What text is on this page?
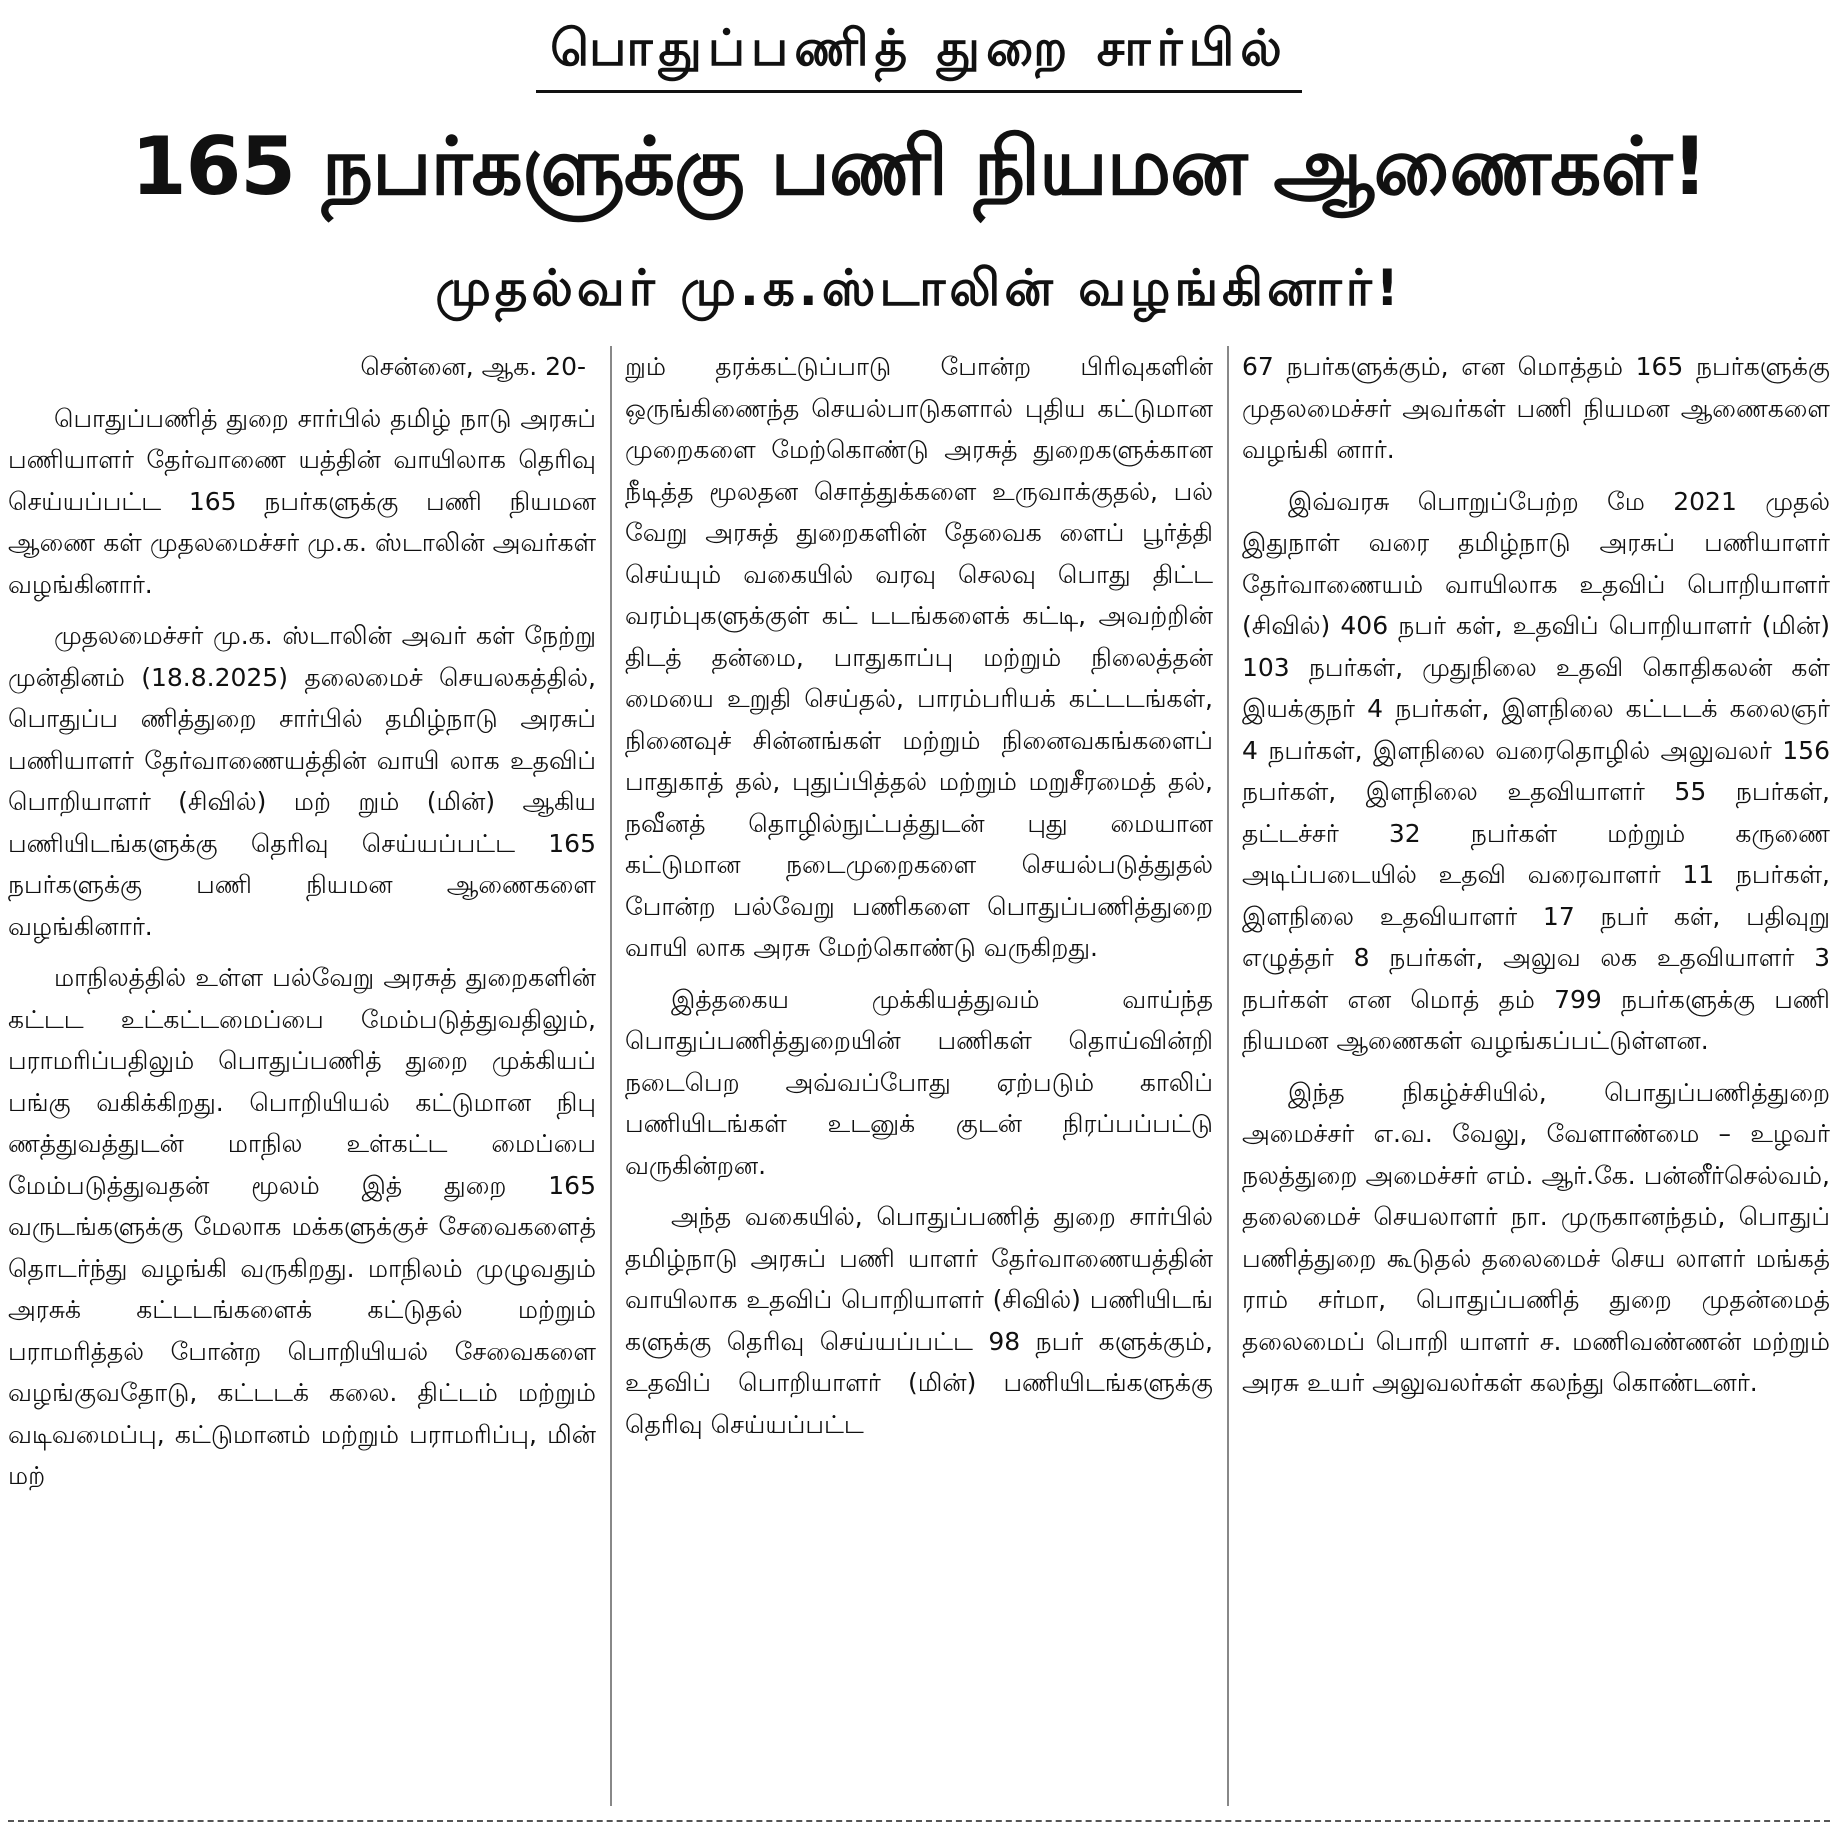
பொதுப்பணித் துறை சார்பில்
165 நபர்களுக்கு பணி நியமன ஆணைகள்!
முதல்வர் மு.க.ஸ்டாலின் வழங்கினார்!

சென்னை, ஆக. 20-

பொதுப்பணித் துறை சார்பில் தமிழ் நாடு அரசுப் பணியாளர் தேர்வாணை யத்தின் வாயிலாக தெரிவு செய்யப்பட்ட 165 நபர்களுக்கு பணி நியமன ஆணை கள் முதலமைச்சர் மு.க. ஸ்டாலின் அவர்கள் வழங்கினார்.

முதலமைச்சர் மு.க. ஸ்டாலின் அவர் கள் நேற்று முன்தினம் (18.8.2025) தலைமைச் செயலகத்தில், பொதுப்ப ணித்துறை சார்பில் தமிழ்நாடு அரசுப் பணியாளர் தேர்வாணையத்தின் வாயி லாக உதவிப் பொறியாளர் (சிவில்) மற் றும் (மின்) ஆகிய பணியிடங்களுக்கு தெரிவு செய்யப்பட்ட 165 நபர்களுக்கு பணி நியமன ஆணைகளை வழங்கினார்.

மாநிலத்தில் உள்ள பல்வேறு அரசுத் துறைகளின் கட்டட உட்கட்டமைப்பை மேம்படுத்துவதிலும், பராமரிப்பதிலும் பொதுப்பணித் துறை முக்கியப் பங்கு வகிக்கிறது. பொறியியல் கட்டுமான நிபு ணத்துவத்துடன் மாநில உள்கட்ட மைப்பை மேம்படுத்துவதன் மூலம் இத் துறை 165 வருடங்களுக்கு மேலாக மக்களுக்குச் சேவைகளைத் தொடர்ந்து வழங்கி வருகிறது. மாநிலம் முழுவதும் அரசுக் கட்டடங்களைக் கட்டுதல் மற்றும் பராமரித்தல் போன்ற பொறியியல் சேவைகளை வழங்குவதோடு, கட்டடக் கலை. திட்டம் மற்றும் வடிவமைப்பு, கட்டுமானம் மற்றும் பராமரிப்பு, மின் மற்

றும் தரக்கட்டுப்பாடு போன்ற பிரிவுகளின் ஒருங்கிணைந்த செயல்பாடுகளால் புதிய கட்டுமான முறைகளை மேற்கொண்டு அரசுத் துறைகளுக்கான நீடித்த மூலதன சொத்துக்களை உருவாக்குதல், பல் வேறு அரசுத் துறைகளின் தேவைக ளைப் பூர்த்தி செய்யும் வகையில் வரவு செலவு பொது திட்ட வரம்புகளுக்குள் கட் டடங்களைக் கட்டி, அவற்றின் திடத் தன்மை, பாதுகாப்பு மற்றும் நிலைத்தன் மையை உறுதி செய்தல், பாரம்பரியக் கட்டடங்கள், நினைவுச் சின்னங்கள் மற்றும் நினைவகங்களைப் பாதுகாத் தல், புதுப்பித்தல் மற்றும் மறுசீரமைத் தல், நவீனத் தொழில்நுட்பத்துடன் புது மையான கட்டுமான நடைமுறைகளை செயல்படுத்துதல் போன்ற பல்வேறு பணிகளை பொதுப்பணித்துறை வாயி லாக அரசு மேற்கொண்டு வருகிறது.

இத்தகைய முக்கியத்துவம் வாய்ந்த பொதுப்பணித்துறையின் பணிகள் தொய்வின்றி நடைபெற அவ்வப்போது ஏற்படும் காலிப் பணியிடங்கள் உடனுக் குடன் நிரப்பப்பட்டு வருகின்றன.

அந்த வகையில், பொதுப்பணித் துறை சார்பில் தமிழ்நாடு அரசுப் பணி யாளர் தேர்வாணையத்தின் வாயிலாக உதவிப் பொறியாளர் (சிவில்) பணியிடங் களுக்கு தெரிவு செய்யப்பட்ட 98 நபர் களுக்கும், உதவிப் பொறியாளர் (மின்) பணியிடங்களுக்கு தெரிவு செய்யப்பட்ட

67 நபர்களுக்கும், என மொத்தம் 165 நபர்களுக்கு முதலமைச்சர் அவர்கள் பணி நியமன ஆணைகளை வழங்கி னார்.

இவ்வரசு பொறுப்பேற்ற மே 2021 முதல் இதுநாள் வரை தமிழ்நாடு அரசுப் பணியாளர் தேர்வாணையம் வாயிலாக உதவிப் பொறியாளர் (சிவில்) 406 நபர் கள், உதவிப் பொறியாளர் (மின்) 103 நபர்கள், முதுநிலை உதவி கொதிகலன் கள் இயக்குநர் 4 நபர்கள், இளநிலை கட்டடக் கலைஞர் 4 நபர்கள், இளநிலை வரைதொழில் அலுவலர் 156 நபர்கள், இளநிலை உதவியாளர் 55 நபர்கள், தட்டச்சர் 32 நபர்கள் மற்றும் கருணை அடிப்படையில் உதவி வரைவாளர் 11 நபர்கள், இளநிலை உதவியாளர் 17 நபர் கள், பதிவுறு எழுத்தர் 8 நபர்கள், அலுவ லக உதவியாளர் 3 நபர்கள் என மொத் தம் 799 நபர்களுக்கு பணி நியமன ஆணைகள் வழங்கப்பட்டுள்ளன.

இந்த நிகழ்ச்சியில், பொதுப்பணித்துறை அமைச்சர் எ.வ. வேலு, வேளாண்மை – உழவர் நலத்துறை அமைச்சர் எம். ஆர்.கே. பன்னீர்செல்வம், தலைமைச் செயலாளர் நா. முருகானந்தம், பொதுப் பணித்துறை கூடுதல் தலைமைச் செய லாளர் மங்கத் ராம் சர்மா, பொதுப்பணித் துறை முதன்மைத் தலைமைப் பொறி யாளர் ச. மணிவண்ணன் மற்றும் அரசு உயர் அலுவலர்கள் கலந்து கொண்டனர்.
